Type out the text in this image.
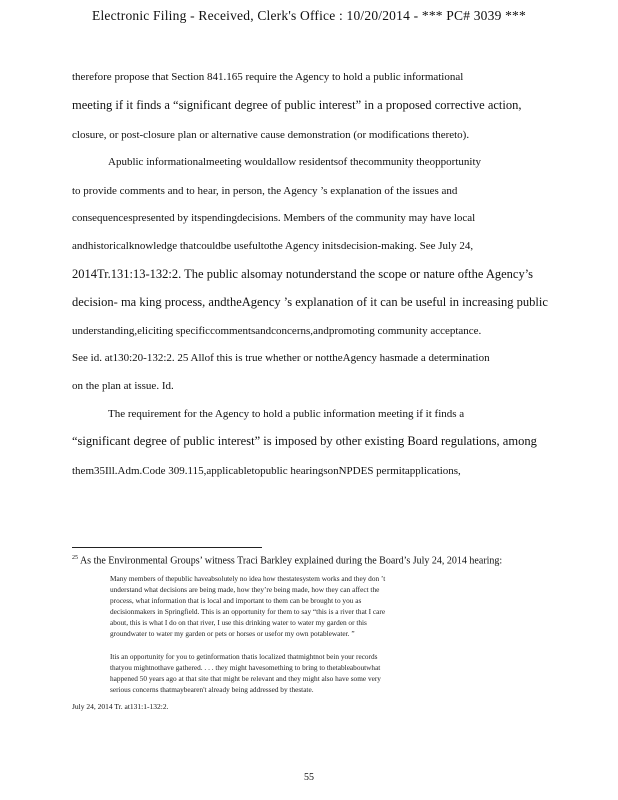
Electronic Filing - Received, Clerk's Office : 10/20/2014 - *** PC# 3039 ***
therefore propose that Section 841.165 require the Agency to hold a public informational
meeting if it finds a “significant degree of public interest” in a proposed corrective action,
closure, or post-closure plan or alternative cause demonstration (or modifications thereto).
Apublic informationalmeeting wouldallow residentsof thecommunity theopportunity
to provide comments and to hear, in person, the Agency ’s explanation of the issues and
consequencespresented by itspendingdecisions. Members of the community may have local
andhistoricalknowledge thatcouldbe usefultothe Agency initsdecision-making. See July 24,
2014Tr.131:13-132:2. The public alsomay notunderstand the scope or nature ofthe Agency’s
decision- ma king process, andtheAgency ’s explanation of it can be useful in increasing public
understanding,eliciting specificcommentsandconcerns,andpromoting community acceptance.
See id. at130:20-132:2. 25 Allof this is true whether or nottheAgency hasmade a determination
on the plan at issue. Id.
The requirement for the Agency to hold a public information meeting if it finds a
“significant degree of public interest” is imposed by other existing Board regulations, among
them35Ill.Adm.Code 309.115,applicabletopublic hearingsonNPDES permitapplications,
$^{25}$ As the Environmental Groups’ witness Traci Barkley explained during the Board’s July 24, 2014 hearing:
Many members of thepublic haveabsolutely no idea how thestatesystem works and they don ’t
understand what decisions are being made, how they’re being made, how they can affect the
process, what information that is local and important to them can be brought to you as
decisionmakers in Springfield. This is an opportunity for them to say “this is a river that I care
about, this is what I do on that river, I use this drinking water to water my garden or this
groundwater to water my garden or pets or horses or usefor my own potablewater. ”
Itis an opportunity for you to getinformation thatis localized thatmightnot bein your records
thatyou mightnothave gathered. . . . they might havesomething to bring to thetableaboutwhat
happened 50 years ago at that site that might be relevant and they might also have some very
serious concerns thatmaybearen't already being addressed by thestate.
July 24, 2014 Tr. at131:1-132:2.
55
